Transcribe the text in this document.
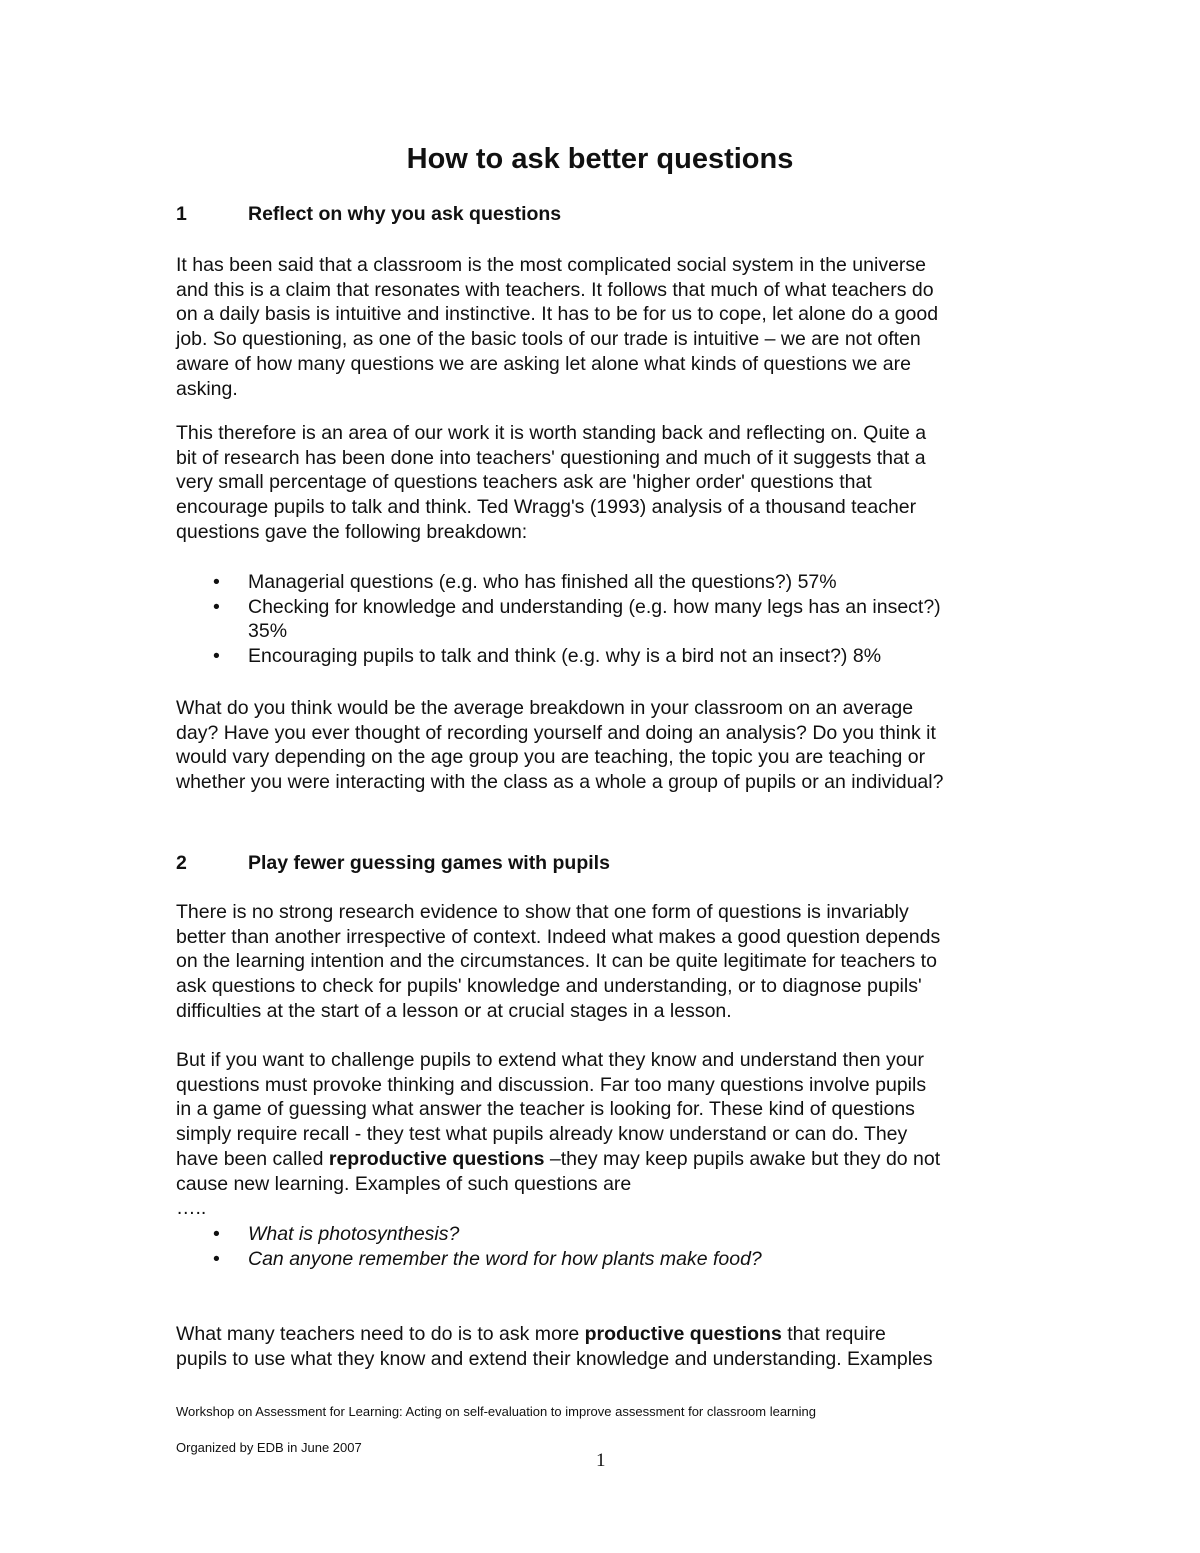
How to ask better questions
1	Reflect on why you ask questions
It has been said that a classroom is the most complicated social system in the universe
and this is a claim that resonates with teachers. It follows that much of what teachers do
on a daily basis is intuitive and instinctive. It has to be for us to cope, let alone do a good
job. So questioning, as one of the basic tools of our trade is intuitive – we are not often
aware of how many questions we are asking let alone what kinds of questions we are
asking.
This therefore is an area of our work it is worth standing back and reflecting on. Quite a
bit of research has been done into teachers' questioning and much of it suggests that a
very small percentage of questions teachers ask are 'higher order' questions that
encourage pupils to talk and think. Ted Wragg's (1993) analysis of a thousand teacher
questions gave the following breakdown:
• Managerial questions (e.g. who has finished all the questions?) 57%
• Checking for knowledge and understanding (e.g. how many legs has an insect?)
35%
• Encouraging pupils to talk and think (e.g. why is a bird not an insect?) 8%
What do you think would be the average breakdown in your classroom on an average
day? Have you ever thought of recording yourself and doing an analysis? Do you think it
would vary depending on the age group you are teaching, the topic you are teaching or
whether you were interacting with the class as a whole a group of pupils or an individual?
2	Play fewer guessing games with pupils
There is no strong research evidence to show that one form of questions is invariably
better than another irrespective of context. Indeed what makes a good question depends
on the learning intention and the circumstances. It can be quite legitimate for teachers to
ask questions to check for pupils' knowledge and understanding, or to diagnose pupils'
difficulties at the start of a lesson or at crucial stages in a lesson.
But if you want to challenge pupils to extend what they know and understand then your
questions must provoke thinking and discussion. Far too many questions involve pupils
in a game of guessing what answer the teacher is looking for. These kind of questions
simply require recall - they test what pupils already know understand or can do. They
have been called reproductive questions –they may keep pupils awake but they do not
cause new learning. Examples of such questions are
…..
• What is photosynthesis?
• Can anyone remember the word for how plants make food?
What many teachers need to do is to ask more productive questions that require
pupils to use what they know and extend their knowledge and understanding. Examples
Workshop on Assessment for Learning: Acting on self-evaluation to improve assessment for classroom learning
Organized by EDB in June 2007
1
